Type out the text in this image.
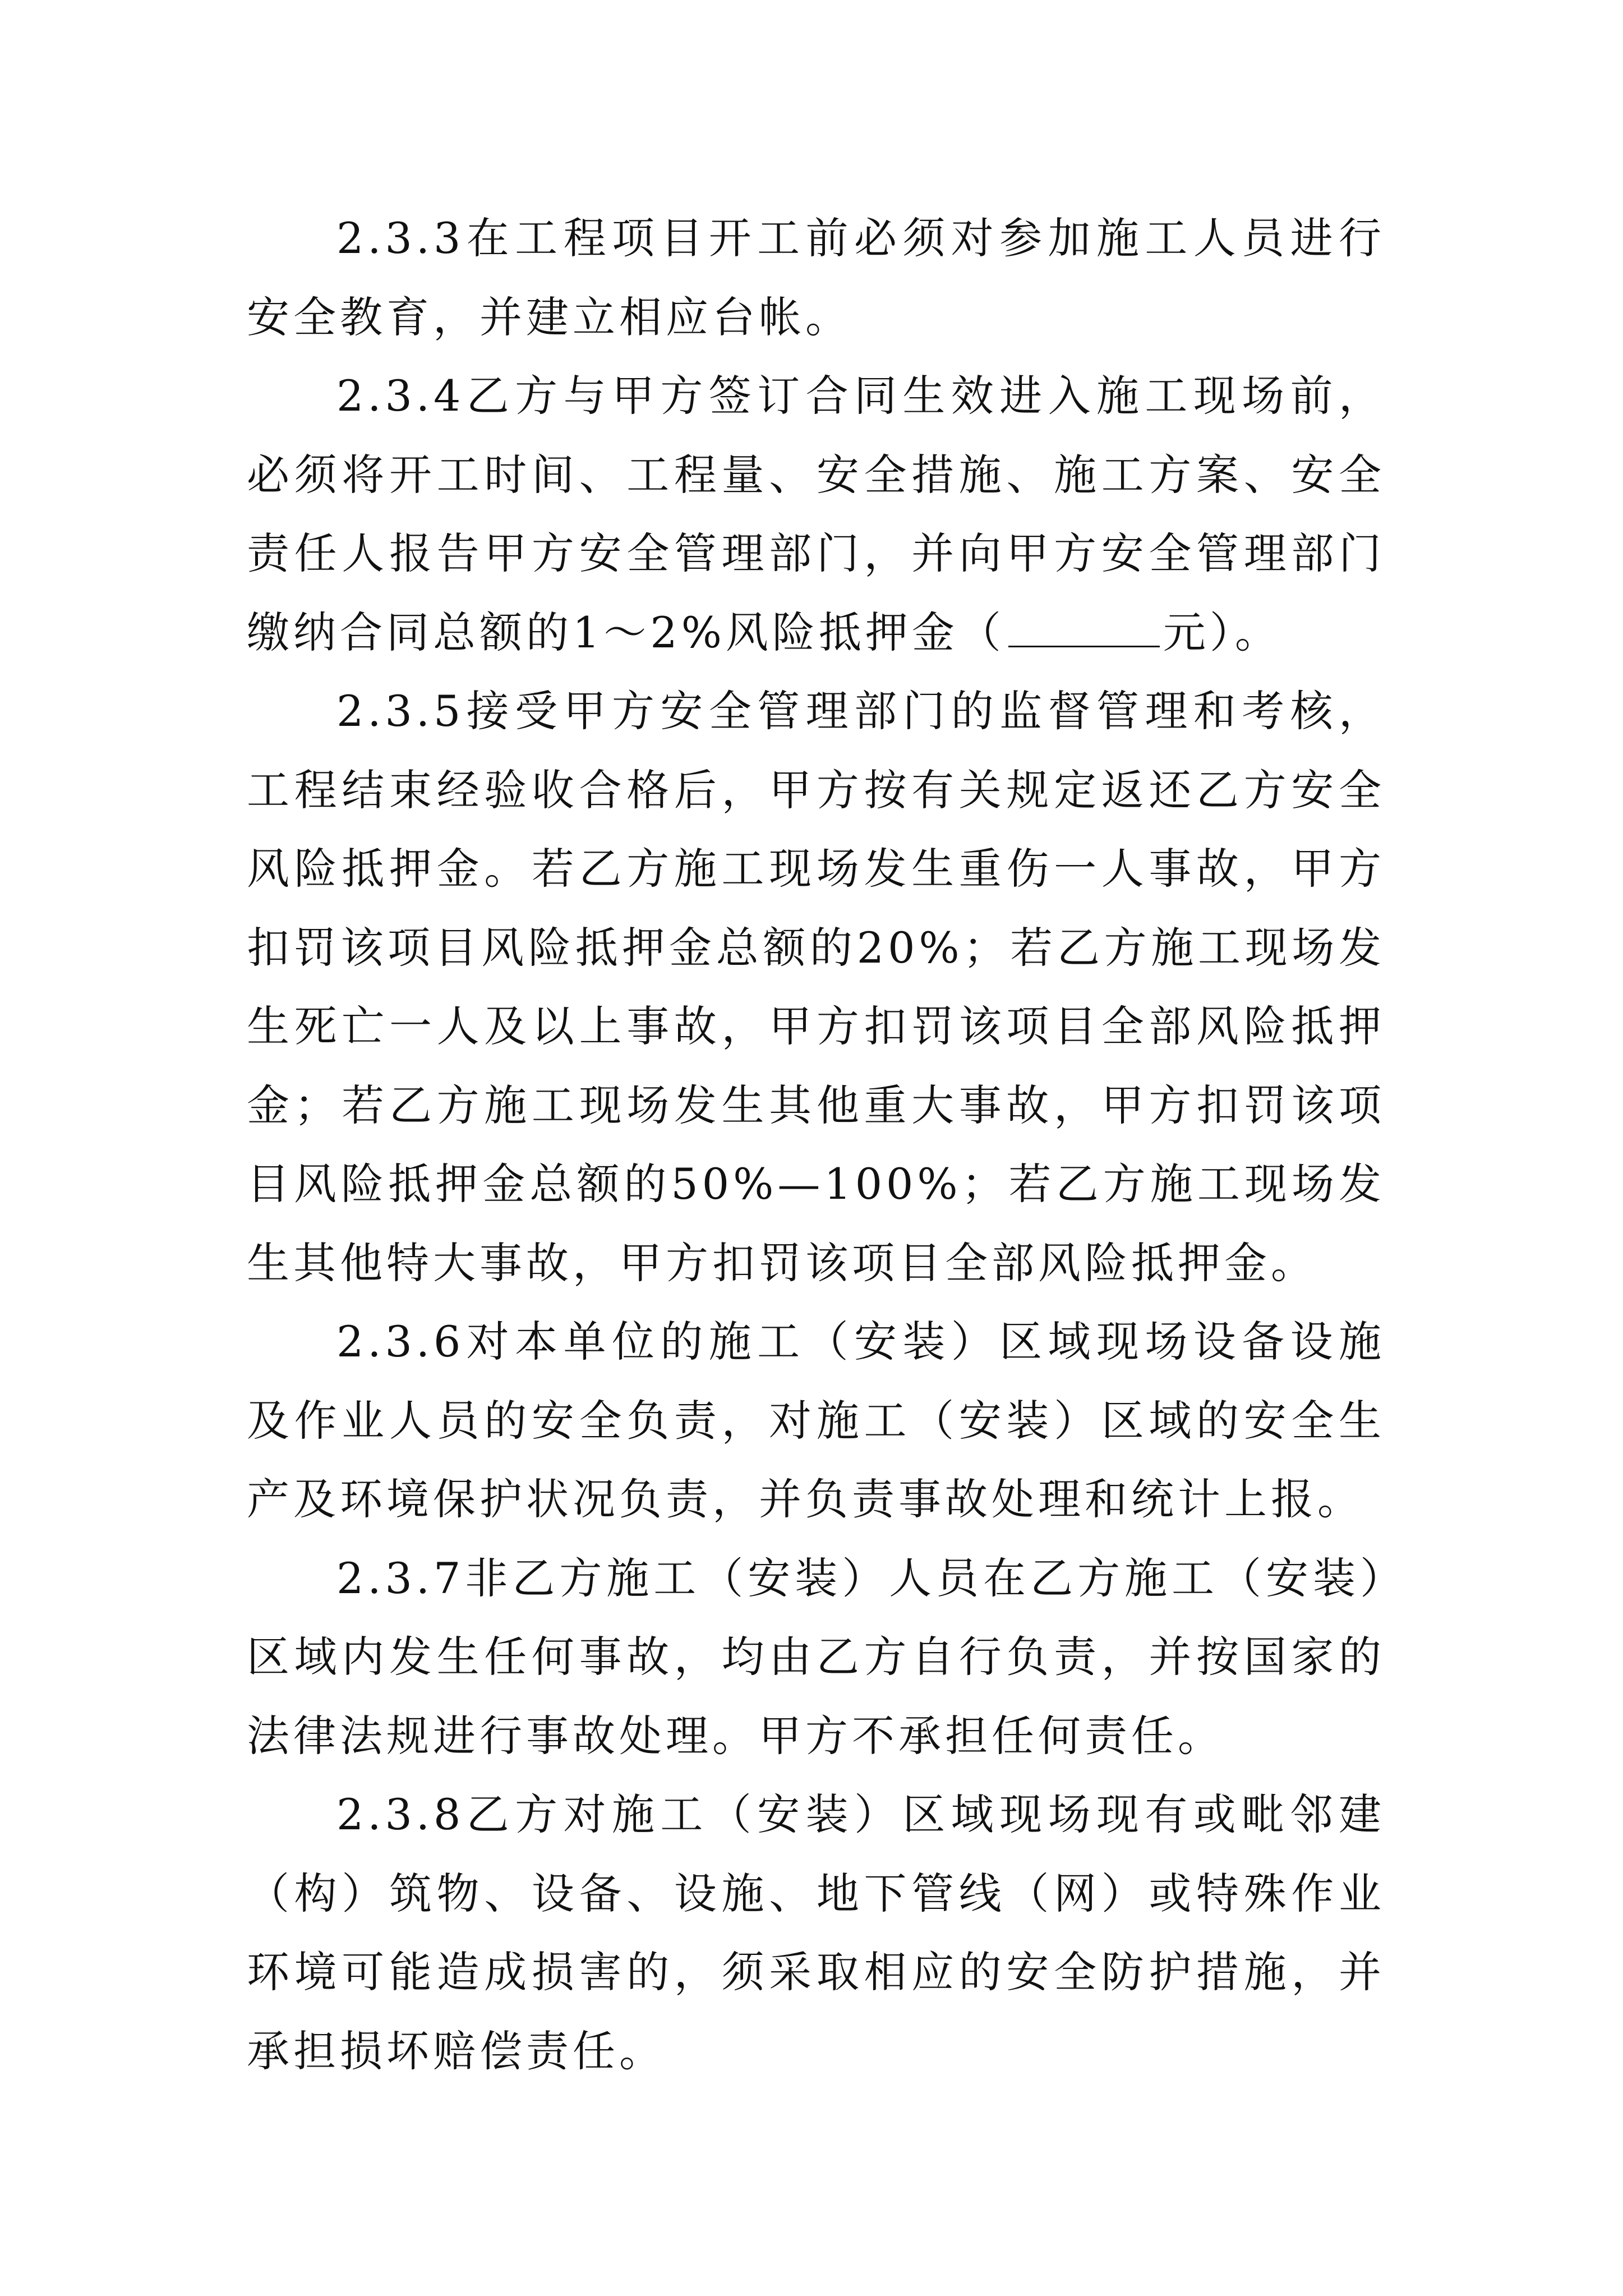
2.3.3在工程项目开工前必须对参加施工人员进行安全教育，并建立相应台帐。

2.3.4乙方与甲方签订合同生效进入施工现场前，必须将开工时间、工程量、安全措施、施工方案、安全责任人报告甲方安全管理部门，并向甲方安全管理部门缴纳合同总额的1～2%风险抵押金（	元）。

2.3.5接受甲方安全管理部门的监督管理和考核，工程结束经验收合格后，甲方按有关规定返还乙方安全风险抵押金。若乙方施工现场发生重伤一人事故，甲方扣罚该项目风险抵押金总额的20%；若乙方施工现场发生死亡一人及以上事故，甲方扣罚该项目全部风险抵押金；若乙方施工现场发生其他重大事故，甲方扣罚该项目风险抵押金总额的50%—100%；若乙方施工现场发生其他特大事故，甲方扣罚该项目全部风险抵押金。

2.3.6对本单位的施工（安装）区域现场设备设施及作业人员的安全负责，对施工（安装）区域的安全生产及环境保护状况负责，并负责事故处理和统计上报。

2.3.7非乙方施工（安装）人员在乙方施工（安装）区域内发生任何事故，均由乙方自行负责，并按国家的法律法规进行事故处理。甲方不承担任何责任。

2.3.8乙方对施工（安装）区域现场现有或毗邻建（构）筑物、设备、设施、地下管线（网）或特殊作业环境可能造成损害的，须采取相应的安全防护措施，并承担损坏赔偿责任。
